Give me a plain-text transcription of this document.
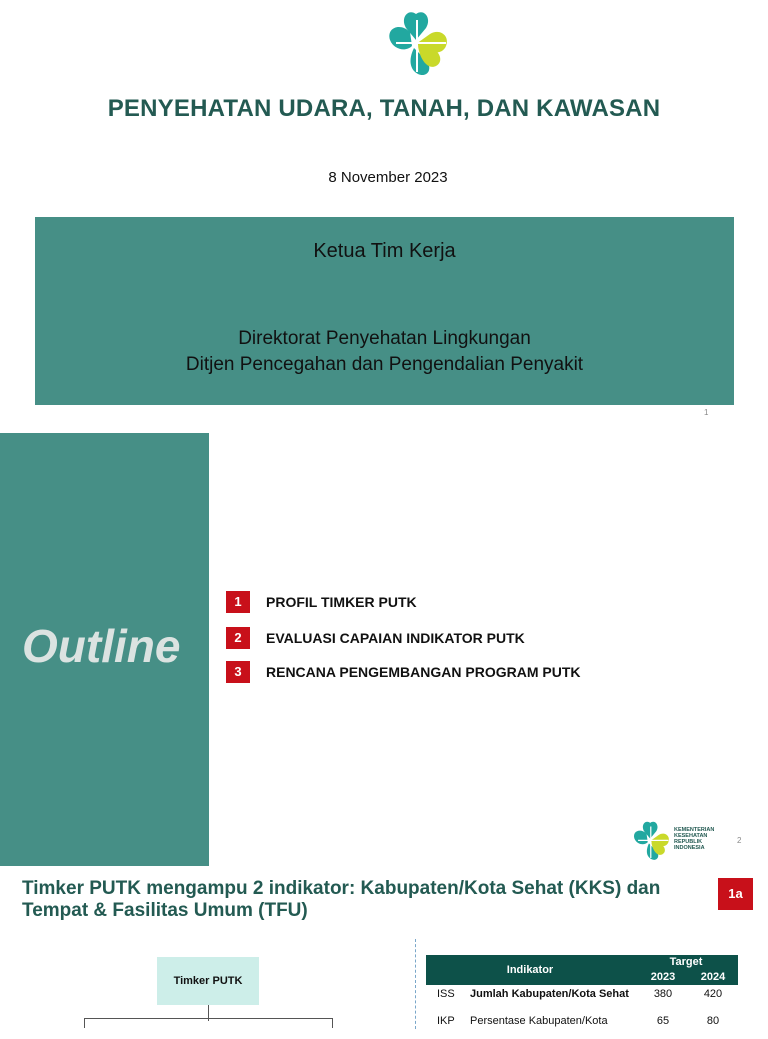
PENYEHATAN UDARA, TANAH, DAN KAWASAN
8 November 2023
Ketua Tim Kerja
Direktorat Penyehatan Lingkungan
Ditjen Pencegahan dan Pengendalian Penyakit
1
Outline
1	PROFIL TIMKER PUTK
2	EVALUASI CAPAIAN INDIKATOR PUTK
3	RENCANA PENGEMBANGAN PROGRAM PUTK
KEMENTERIAN
KESEHATAN
REPUBLIK
INDONESIA
2
Timker PUTK mengampu 2 indikator: Kabupaten/Kota Sehat (KKS) dan Tempat & Fasilitas Umum (TFU)
1a
Timker PUTK
Indikator
Target
2023 2024
ISS Jumlah Kabupaten/Kota Sehat	380	420
IKP Persentase Kabupaten/Kota	65	80
